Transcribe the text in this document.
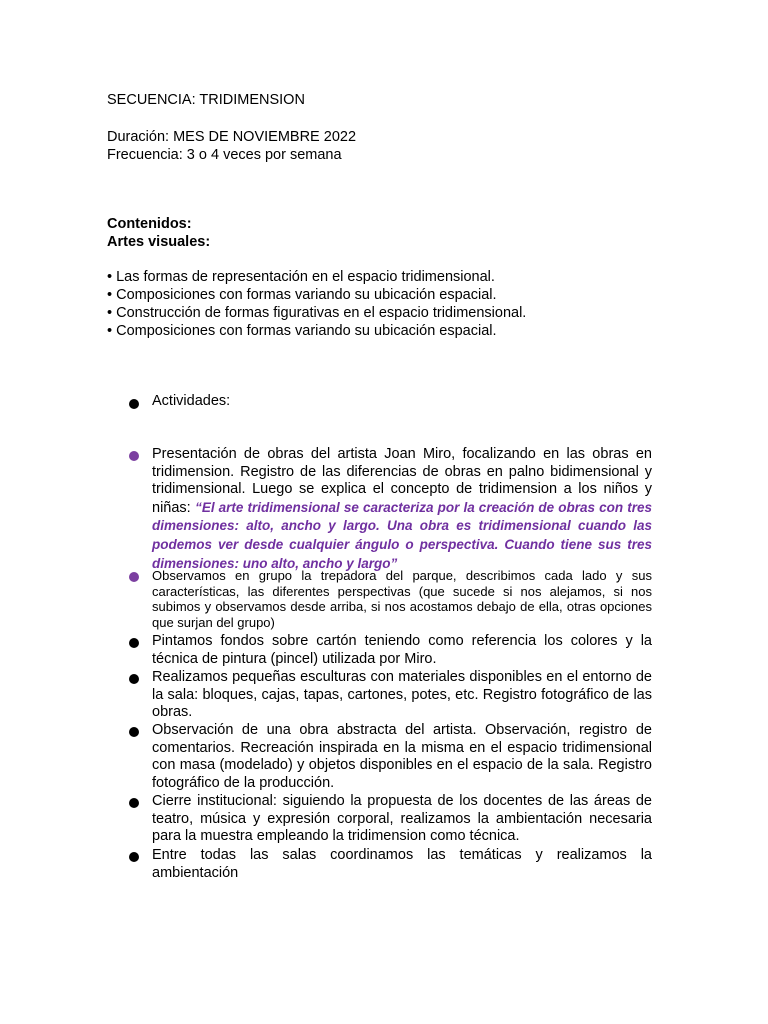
SECUENCIA: TRIDIMENSION
Duración: MES DE NOVIEMBRE 2022
Frecuencia: 3 o 4 veces por semana
Contenidos:
Artes visuales:
• Las formas de representación en el espacio tridimensional.
• Composiciones con formas variando su ubicación espacial.
• Construcción de formas figurativas en el espacio tridimensional.
• Composiciones con formas variando su ubicación espacial.
Actividades:
Presentación de obras del artista Joan Miro, focalizando en las obras en tridimension. Registro de las diferencias de obras en palno bidimensional y tridimensional. Luego se explica el concepto de tridimension a los niños y niñas: “El arte tridimensional se caracteriza por la creación de obras con tres dimensiones: alto, ancho y largo. Una obra es tridimensional cuando las podemos ver desde cualquier ángulo o perspectiva. Cuando tiene sus tres dimensiones: uno alto, ancho y largo”
Observamos en grupo la trepadora del parque, describimos cada lado y sus características, las diferentes perspectivas (que sucede si nos alejamos, si nos subimos y observamos desde arriba, si nos acostamos debajo de ella, otras opciones que surjan del grupo)
Pintamos fondos sobre cartón teniendo como referencia los colores y la técnica de pintura (pincel) utilizada por Miro.
Realizamos pequeñas esculturas con materiales disponibles en el entorno de la sala: bloques, cajas, tapas, cartones, potes, etc. Registro fotográfico de las obras.
Observación de una obra abstracta del artista. Observación, registro de comentarios. Recreación inspirada en la misma en el espacio tridimensional con masa (modelado) y objetos disponibles en el espacio de la sala. Registro fotográfico de la producción.
Cierre institucional: siguiendo la propuesta de los docentes de las áreas de teatro, música y expresión corporal, realizamos la ambientación necesaria para la muestra empleando la tridimension como técnica.
Entre todas las salas coordinamos las temáticas y realizamos la ambientación
